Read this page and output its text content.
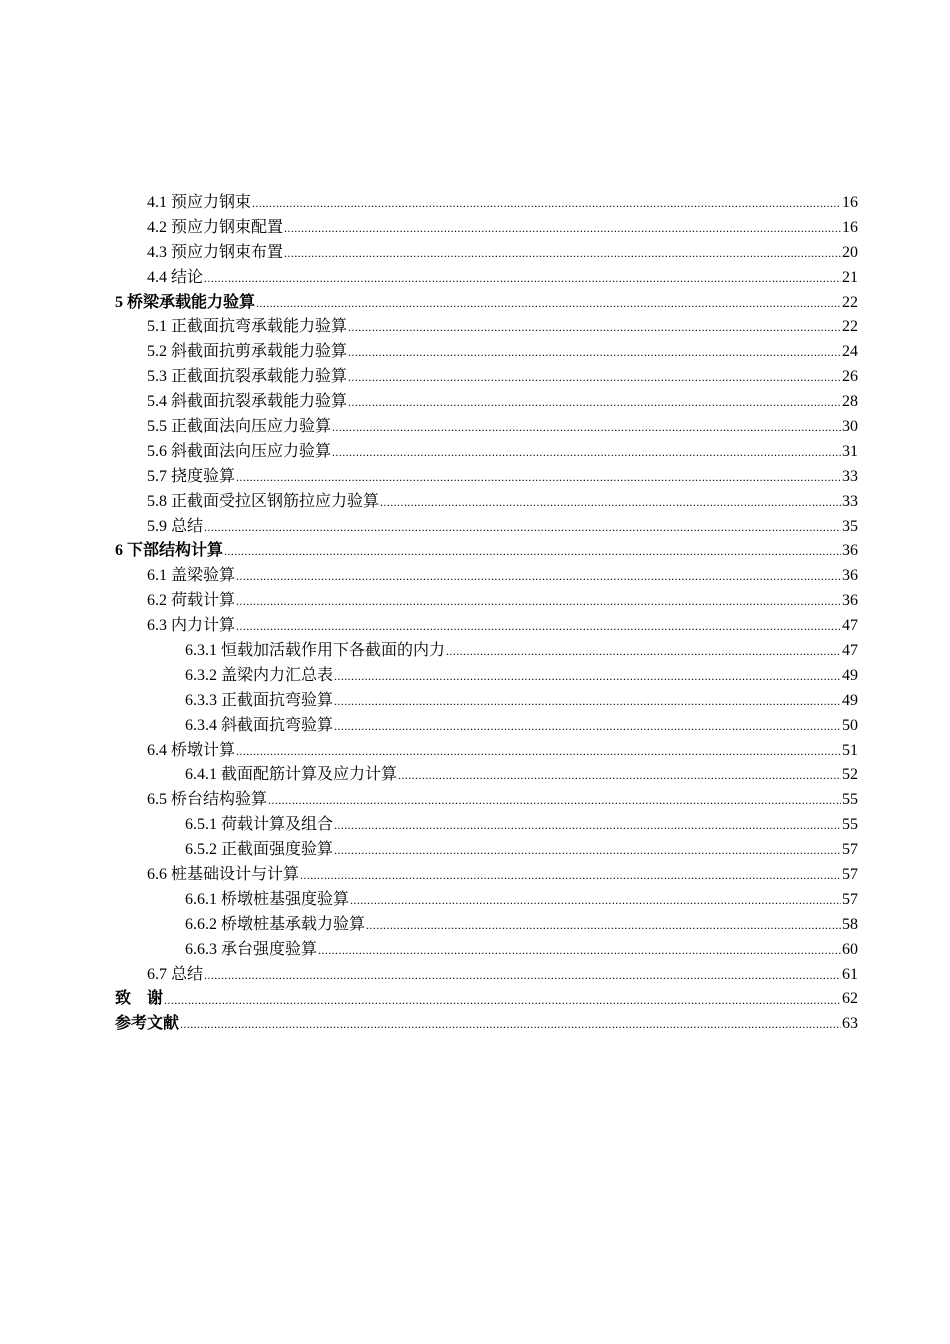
4.1 预应力钢束 .....	16
4.2 预应力钢束配置 .....	16
4.3 预应力钢束布置 .....	20
4.4 结论 .....	21
5 桥梁承载能力验算 .....	22
5.1 正截面抗弯承载能力验算 .....	22
5.2 斜截面抗剪承载能力验算 .....	24
5.3 正截面抗裂承载能力验算 .....	26
5.4 斜截面抗裂承载能力验算 .....	28
5.5 正截面法向压应力验算 .....	30
5.6 斜截面法向压应力验算 .....	31
5.7 挠度验算 .....	33
5.8 正截面受拉区钢筋拉应力验算 .....	33
5.9 总结 .....	35
6 下部结构计算 .....	36
6.1 盖梁验算 .....	36
6.2 荷载计算 .....	36
6.3 内力计算 .....	47
6.3.1 恒载加活载作用下各截面的内力 .....	47
6.3.2 盖梁内力汇总表 .....	49
6.3.3 正截面抗弯验算 .....	49
6.3.4 斜截面抗弯验算 .....	50
6.4 桥墩计算 .....	51
6.4.1 截面配筋计算及应力计算 .....	52
6.5 桥台结构验算 .....	55
6.5.1 荷载计算及组合 .....	55
6.5.2 正截面强度验算 .....	57
6.6 桩基础设计与计算 .....	57
6.6.1 桥墩桩基强度验算 .....	57
6.6.2 桥墩桩基承载力验算 .....	58
6.6.3 承台强度验算 .....	60
6.7 总结 .....	61
致　谢 .....	62
参考文献 .....	63
